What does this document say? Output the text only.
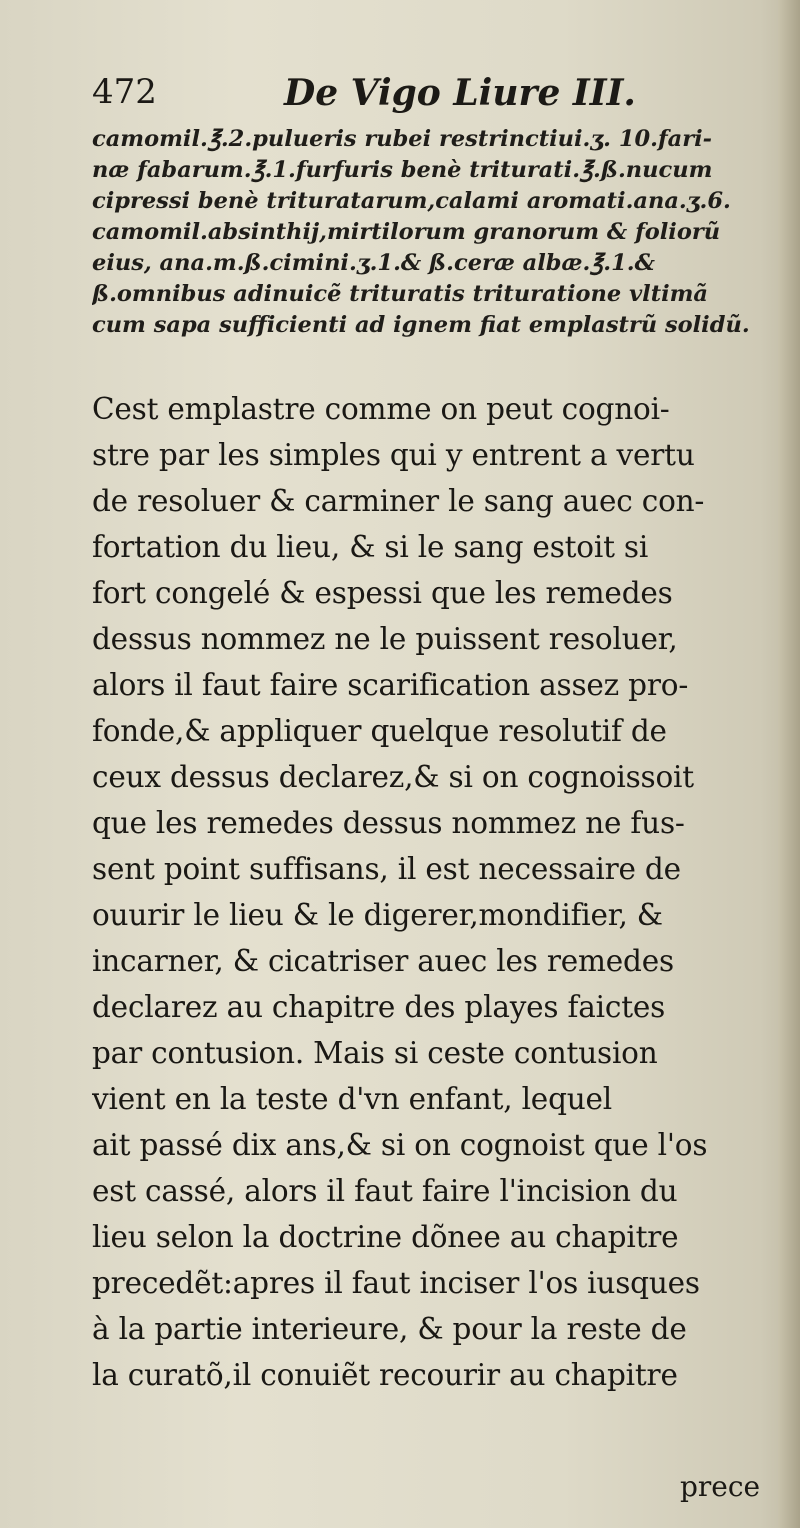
472	De Vigo Liure III.
camomil.℥.2.pulueris rubei restrinctiui.ʒ. 10.fari-
næ fabarum.℥.1.furfuris benè triturati.℥.ß.nucum
cipressi benè trituratarum,calami aromati.ana.ʒ.6.
camomil.absinthij,mirtilorum granorum & foliorũ
eius, ana.m.ß.cimini.ʒ.1.& ß.ceræ albæ.℥.1.&
ß.omnibus adinuicẽ trituratis trituratione vltimã
cum sapa sufficienti ad ignem fiat emplastrũ solidũ.
Cest emplastre comme on peut cognoi-
stre par les simples qui y entrent a vertu
de resoluer & carminer le sang auec con-
fortation du lieu, & si le sang estoit si
fort congelé & espessi que les remedes
dessus nommez ne le puissent resoluer,
alors il faut faire scarification assez pro-
fonde,& appliquer quelque resolutif de
ceux dessus declarez,& si on cognoissoit
que les remedes dessus nommez ne fus-
sent point suffisans, il est necessaire de
ouurir le lieu & le digerer,mondifier, &
incarner, & cicatriser auec les remedes
declarez au chapitre des playes faictes
par contusion. Mais si ceste contusion
vient en la teste d'vn enfant, lequel
ait passé dix ans,& si on cognoist que l'os
est cassé, alors il faut faire l'incision du
lieu selon la doctrine dõnee au chapitre
precedẽt:apres il faut inciser l'os iusques
à la partie interieure, & pour la reste de
la curatõ,il conuiẽt recourir au chapitre
prece
